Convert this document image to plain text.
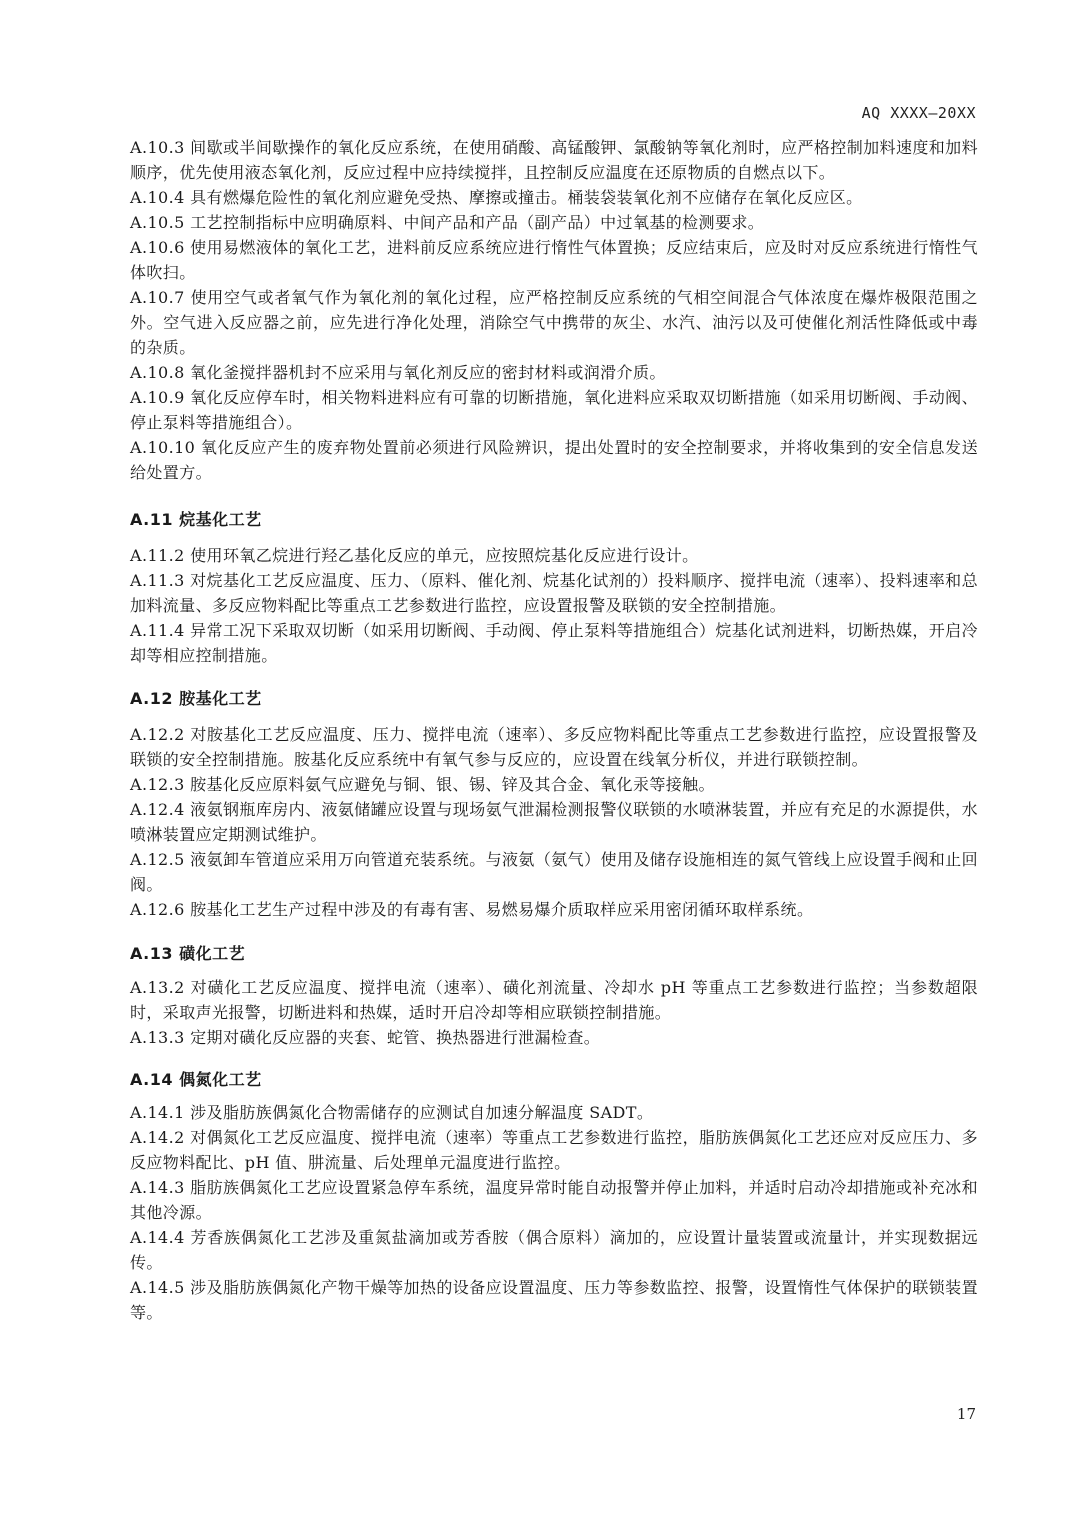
AQ XXXX—20XX

A.10.3 间歇或半间歇操作的氧化反应系统，在使用硝酸、高锰酸钾、氯酸钠等氧化剂时，应严格控制加料速度和加料顺序，优先使用液态氧化剂，反应过程中应持续搅拌，且控制反应温度在还原物质的自燃点以下。

A.10.4 具有燃爆危险性的氧化剂应避免受热、摩擦或撞击。桶装袋装氧化剂不应储存在氧化反应区。

A.10.5 工艺控制指标中应明确原料、中间产品和产品（副产品）中过氧基的检测要求。

A.10.6 使用易燃液体的氧化工艺，进料前反应系统应进行惰性气体置换；反应结束后，应及时对反应系统进行惰性气体吹扫。

A.10.7 使用空气或者氧气作为氧化剂的氧化过程，应严格控制反应系统的气相空间混合气体浓度在爆炸极限范围之外。空气进入反应器之前，应先进行净化处理，消除空气中携带的灰尘、水汽、油污以及可使催化剂活性降低或中毒的杂质。

A.10.8 氧化釜搅拌器机封不应采用与氧化剂反应的密封材料或润滑介质。

A.10.9 氧化反应停车时，相关物料进料应有可靠的切断措施，氧化进料应采取双切断措施（如采用切断阀、手动阀、停止泵料等措施组合）。

A.10.10 氧化反应产生的废弃物处置前必须进行风险辨识，提出处置时的安全控制要求，并将收集到的安全信息发送给处置方。

A.11 烷基化工艺

A.11.2 使用环氧乙烷进行羟乙基化反应的单元，应按照烷基化反应进行设计。

A.11.3 对烷基化工艺反应温度、压力、（原料、催化剂、烷基化试剂的）投料顺序、搅拌电流（速率）、投料速率和总加料流量、多反应物料配比等重点工艺参数进行监控，应设置报警及联锁的安全控制措施。

A.11.4 异常工况下采取双切断（如采用切断阀、手动阀、停止泵料等措施组合）烷基化试剂进料，切断热媒，开启冷却等相应控制措施。

A.12 胺基化工艺

A.12.2 对胺基化工艺反应温度、压力、搅拌电流（速率）、多反应物料配比等重点工艺参数进行监控，应设置报警及联锁的安全控制措施。胺基化反应系统中有氧气参与反应的，应设置在线氧分析仪，并进行联锁控制。

A.12.3 胺基化反应原料氨气应避免与铜、银、锡、锌及其合金、氧化汞等接触。

A.12.4 液氨钢瓶库房内、液氨储罐应设置与现场氨气泄漏检测报警仪联锁的水喷淋装置，并应有充足的水源提供，水喷淋装置应定期测试维护。

A.12.5 液氨卸车管道应采用万向管道充装系统。与液氨（氨气）使用及储存设施相连的氮气管线上应设置手阀和止回阀。

A.12.6 胺基化工艺生产过程中涉及的有毒有害、易燃易爆介质取样应采用密闭循环取样系统。

A.13 磺化工艺

A.13.2 对磺化工艺反应温度、搅拌电流（速率）、磺化剂流量、冷却水 pH 等重点工艺参数进行监控；当参数超限时，采取声光报警，切断进料和热媒，适时开启冷却等相应联锁控制措施。

A.13.3 定期对磺化反应器的夹套、蛇管、换热器进行泄漏检查。

A.14 偶氮化工艺

A.14.1 涉及脂肪族偶氮化合物需储存的应测试自加速分解温度 SADT。

A.14.2 对偶氮化工艺反应温度、搅拌电流（速率）等重点工艺参数进行监控，脂肪族偶氮化工艺还应对反应压力、多反应物料配比、pH 值、肼流量、后处理单元温度进行监控。

A.14.3 脂肪族偶氮化工艺应设置紧急停车系统，温度异常时能自动报警并停止加料，并适时启动冷却措施或补充冰和其他冷源。

A.14.4 芳香族偶氮化工艺涉及重氮盐滴加或芳香胺（偶合原料）滴加的，应设置计量装置或流量计，并实现数据远传。

A.14.5 涉及脂肪族偶氮化产物干燥等加热的设备应设置温度、压力等参数监控、报警，设置惰性气体保护的联锁装置等。

17
